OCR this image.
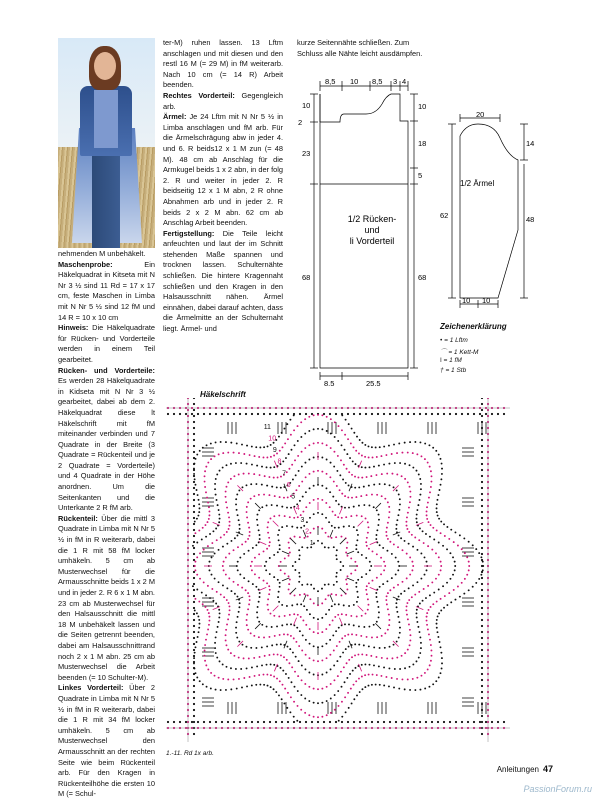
nehmenden M unbehäkelt.

Maschenprobe: Ein Häkelquadrat in Kitseta mit N Nr 3 ½ sind 11 Rd = 17 x 17 cm, feste Maschen in Limba mit N Nr 5 ½ sind 12 fM und 14 R = 10 x 10 cm

Hinweis: Die Häkelquadrate für Rücken- und Vorderteile werden in einem Teil gearbeitet.

Rücken- und Vorderteile: Es werden 28 Häkelquadrate in Kidseta mit N Nr 3 ½ gearbeitet, dabei ab dem 2. Häkelquadrat diese lt Häkelschrift mit fM miteinander verbinden und 7 Quadrate in der Breite (3 Quadrate = Rückenteil und je 2 Quadrate = Vorderteile) und 4 Quadrate in der Höhe anordnen. Um die Seitenkanten und die Unterkante 2 R fM arb.

Rückenteil: Über die mittl 3 Quadrate in Limba mit N Nr 5 ½ in fM in R weiterarb, dabei die 1 R mit 58 fM locker umhäkeln. 5 cm ab Musterwechsel für die Armausschnitte beids 1 x 2 M und in jeder 2. R 6 x 1 M abn. 23 cm ab Musterwechsel für den Halsausschnitt die mittl 18 M unbehäkelt lassen und die Seiten getrennt beenden, dabei am Halsausschnittrand noch 2 x 1 M abn. 25 cm ab Musterwechsel die Arbeit beenden (= 10 Schulter-M).

Linkes Vorderteil: Über 2 Quadrate in Limba mit N Nr 5 ½ in fM in R weiterarb, dabei die 1 R mit 34 fM locker umhäkeln. 5 cm ab Musterwechsel den Armausschnitt an der rechten Seite wie beim Rückenteil arb. Für den Kragen in Rückenteilhöhe die ersten 10 M (= Schul-

ter-M) ruhen lassen. 13 Lftm anschlagen und mit diesen und den restl 16 M (= 29 M) in fM weiterarb. Nach 10 cm (= 14 R) Arbeit beenden.

Rechtes Vorderteil: Gegengleich arb.

Ärmel: Je 24 Lftm mit N Nr 5 ½ in Limba anschlagen und fM arb. Für die Ärmelschrägung abw in jeder 4. und 6. R beids12 x 1 M zun (= 48 M). 48 cm ab Anschlag für die Armkugel beids 1 x 2 abn, in der folg 2. R und weiter in jeder 2. R beidseitig 12 x 1 M abn, 2 R ohne Abnahmen arb und in jeder 2. R beids 2 x 2 M abn. 62 cm ab Anschlag Arbeit beenden.

Fertigstellung: Die Teile leicht anfeuchten und laut der im Schnitt stehenden Maße spannen und trocknen lassen. Schulternähte schließen. Die hintere Kragennaht schließen und den Kragen in den Halsausschnitt nähen. Ärmel einnähen, dabei darauf achten, dass die Ärmelmitte an der Schulternaht liegt. Ärmel- und

kurze Seitennähte schließen. Zum Schluss alle Nähte leicht ausdämpfen.

8,5 10 8,5 3 4
10
2
23
68
10
18
5
68
8,5	25,5
1/2 Rücken-
und
li Vorderteil
20
14
62	48
10 10
1/2 Ärmel
Zeichenerklärung
• = 1 Lftm
⌒ = 1 Kett-M
ǀ = 1 fM
† = 1 Stb
Häkelschrift
1
2
3
4
5
6
7
8
9
10
11
1.-11. Rd 1x arb.
Anleitungen 47
PassionForum.ru
